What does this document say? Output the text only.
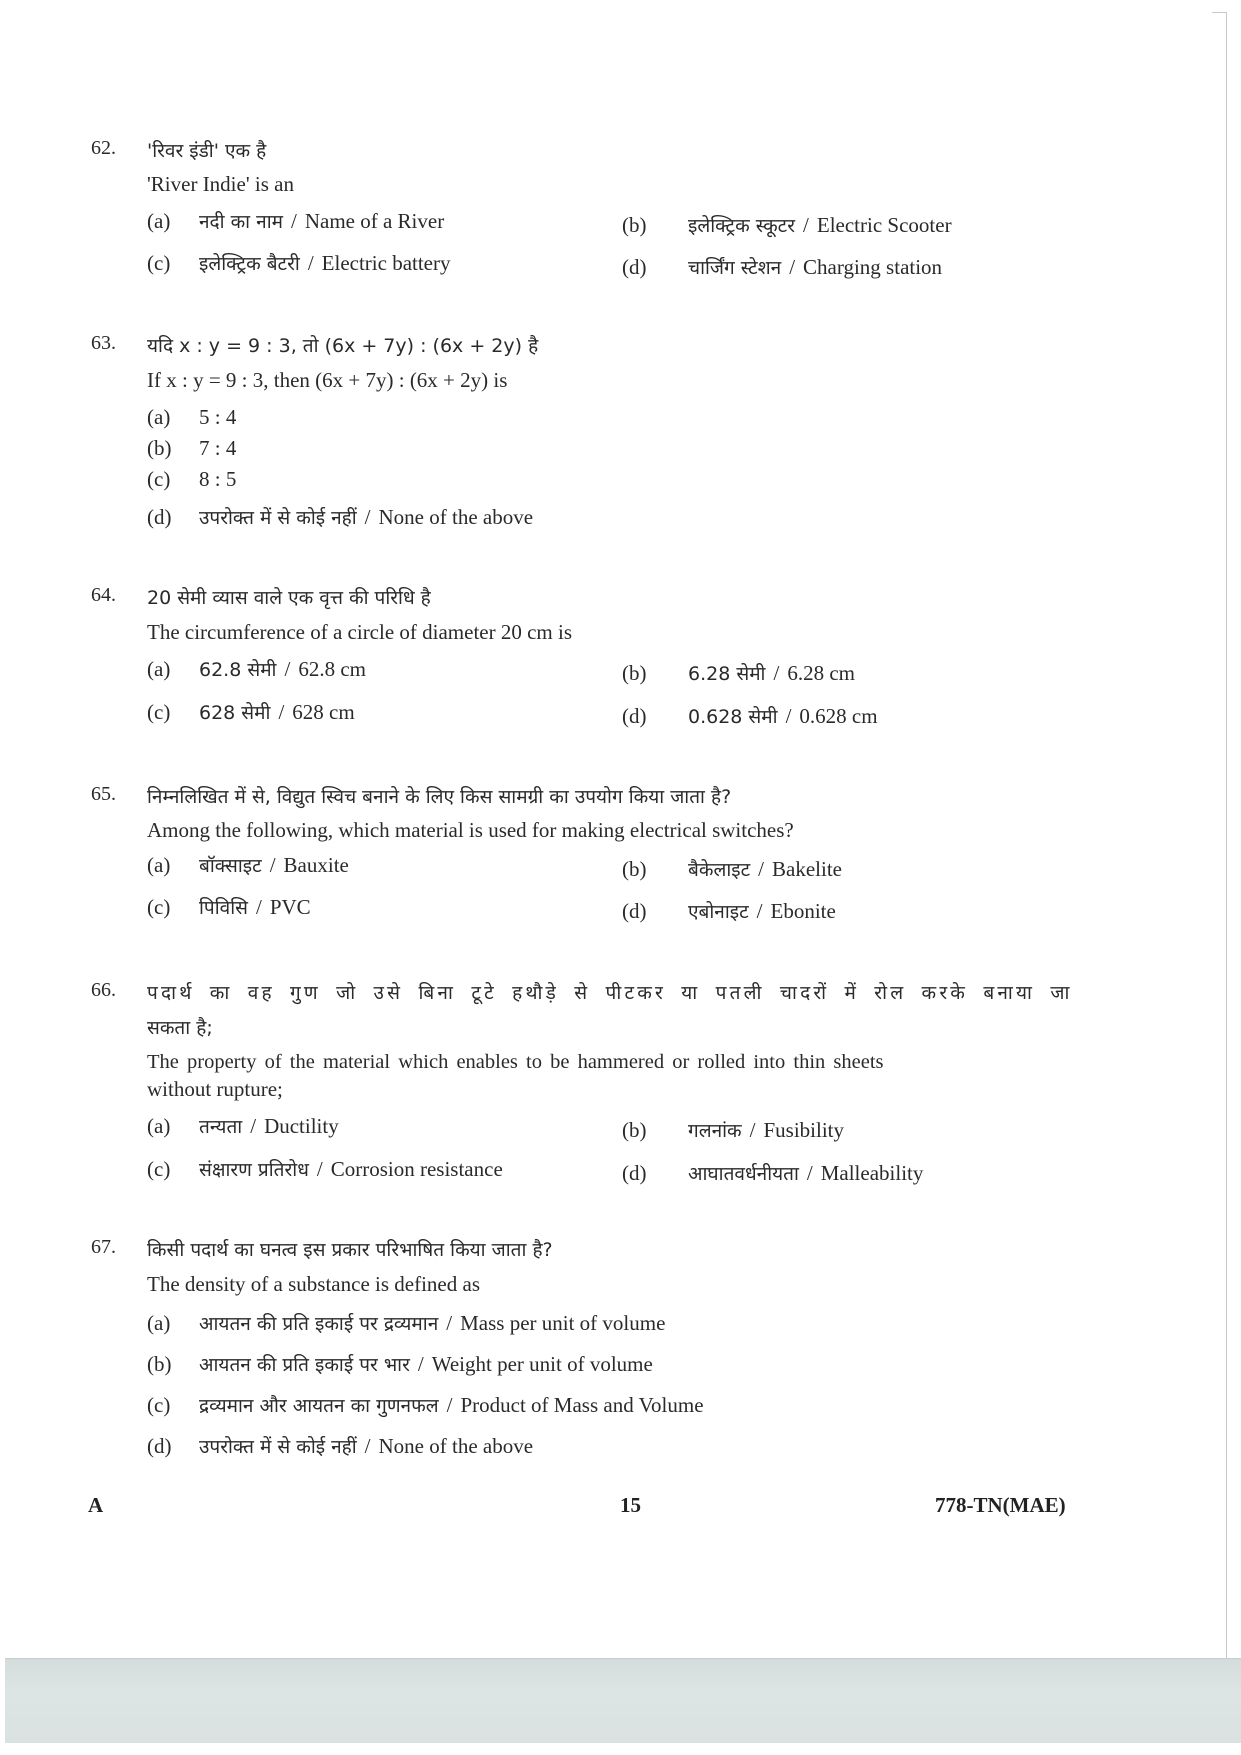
62. 'रिवर इंडी' एक है
'River Indie' is an
(a) नदी का नाम / Name of a River	(b) इलेक्ट्रिक स्कूटर / Electric Scooter
(c) इलेक्ट्रिक बैटरी / Electric battery	(d) चार्जिंग स्टेशन / Charging station
63. यदि x : y = 9 : 3, तो (6x + 7y) : (6x + 2y) है
If x : y = 9 : 3, then (6x + 7y) : (6x + 2y) is
(a) 5 : 4
(b) 7 : 4
(c) 8 : 5
(d) उपरोक्त में से कोई नहीं / None of the above
64. 20 सेमी व्यास वाले एक वृत्त की परिधि है
The circumference of a circle of diameter 20 cm is
(a) 62.8 सेमी / 62.8 cm	(b) 6.28 सेमी / 6.28 cm
(c) 628 सेमी / 628 cm	(d) 0.628 सेमी / 0.628 cm
65. निम्नलिखित में से, विद्युत स्विच बनाने के लिए किस सामग्री का उपयोग किया जाता है?
Among the following, which material is used for making electrical switches?
(a) बॉक्साइट / Bauxite	(b) बैकेलाइट / Bakelite
(c) पिविसि / PVC	(d) एबोनाइट / Ebonite
66. पदार्थ का वह गुण जो उसे बिना टूटे हथौड़े से पीटकर या पतली चादरों में रोल करके बनाया जा
सकता है;
The property of the material which enables to be hammered or rolled into thin sheets
without rupture;
(a) तन्यता / Ductility	(b) गलनांक / Fusibility
(c) संक्षारण प्रतिरोध / Corrosion resistance	(d) आघातवर्धनीयता / Malleability
67. किसी पदार्थ का घनत्व इस प्रकार परिभाषित किया जाता है?
The density of a substance is defined as
(a) आयतन की प्रति इकाई पर द्रव्यमान / Mass per unit of volume
(b) आयतन की प्रति इकाई पर भार / Weight per unit of volume
(c) द्रव्यमान और आयतन का गुणनफल / Product of Mass and Volume
(d) उपरोक्त में से कोई नहीं / None of the above
A	15	778-TN(MAE)
